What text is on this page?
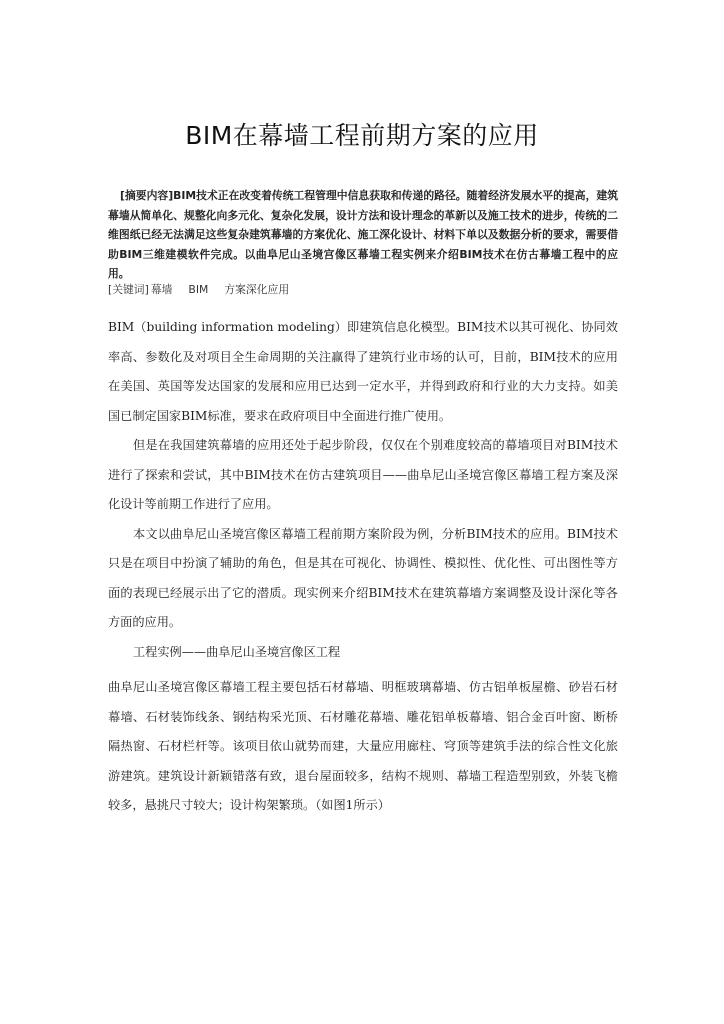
BIM在幕墙工程前期方案的应用

[摘要内容]BIM技术正在改变着传统工程管理中信息获取和传递的路径。随着经济发展水平的提高，建筑幕墙从简单化、规整化向多元化、复杂化发展，设计方法和设计理念的革新以及施工技术的进步，传统的二维图纸已经无法满足这些复杂建筑幕墙的方案优化、施工深化设计、材料下单以及数据分析的要求，需要借助BIM三维建模软件完成。以曲阜尼山圣境宫像区幕墙工程实例来介绍BIM技术在仿古幕墙工程中的应用。

[关键词] 幕墙 BIM 方案深化应用

BIM（building information modeling）即建筑信息化模型。BIM技术以其可视化、协同效率高、参数化及对项目全生命周期的关注赢得了建筑行业市场的认可，目前，BIM技术的应用在美国、英国等发达国家的发展和应用已达到一定水平，并得到政府和行业的大力支持。如美国已制定国家BIM标准，要求在政府项目中全面进行推广使用。

但是在我国建筑幕墙的应用还处于起步阶段，仅仅在个别难度较高的幕墙项目对BIM技术进行了探索和尝试，其中BIM技术在仿古建筑项目——曲阜尼山圣境宫像区幕墙工程方案及深化设计等前期工作进行了应用。

本文以曲阜尼山圣境宫像区幕墙工程前期方案阶段为例，分析BIM技术的应用。BIM技术只是在项目中扮演了辅助的角色，但是其在可视化、协调性、模拟性、优化性、可出图性等方面的表现已经展示出了它的潜质。现实例来介绍BIM技术在建筑幕墙方案调整及设计深化等各方面的应用。

工程实例——曲阜尼山圣境宫像区工程

曲阜尼山圣境宫像区幕墙工程主要包括石材幕墙、明框玻璃幕墙、仿古铝单板屋檐、砂岩石材幕墙、石材装饰线条、钢结构采光顶、石材雕花幕墙、雕花铝单板幕墙、铝合金百叶窗、断桥隔热窗、石材栏杆等。该项目依山就势而建，大量应用廊柱、穹顶等建筑手法的综合性文化旅游建筑。建筑设计新颖错落有致，退台屋面较多，结构不规则、幕墙工程造型别致，外装飞檐较多，悬挑尺寸较大；设计构架繁琐。（如图1所示）
